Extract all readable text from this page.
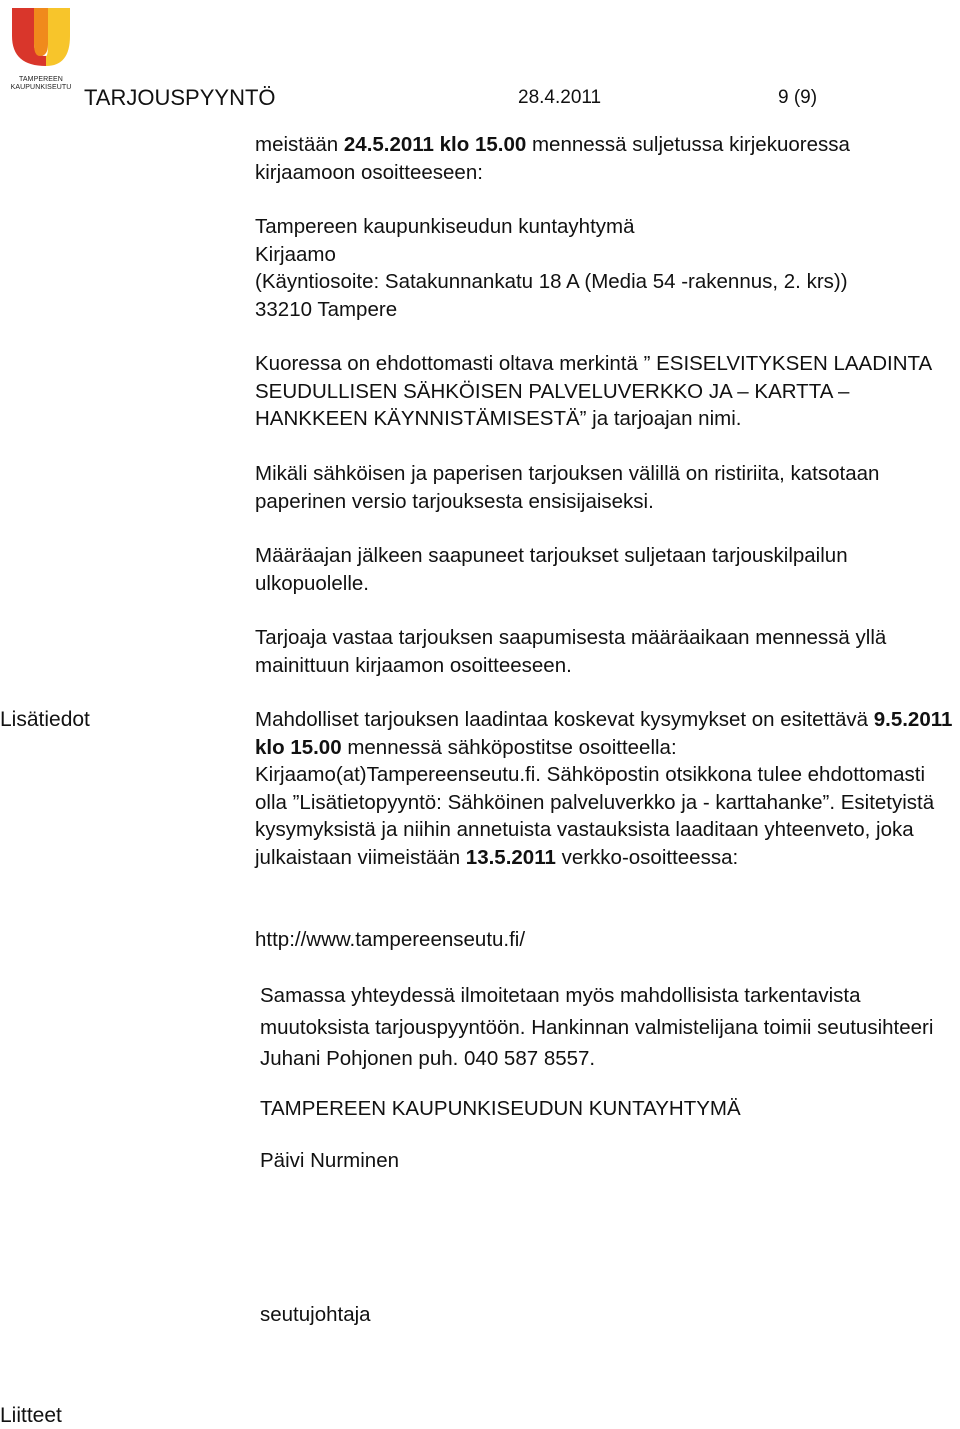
TAMPEREEN
KAUPUNKISEUTU TARJOUSPYYNTÖ	28.4.2011	9 (9)

meistään 24.5.2011 klo 15.00 mennessä suljetussa kirjekuoressa kirjaamoon osoitteeseen:

Tampereen kaupunkiseudun kuntayhtymä
Kirjaamo
(Käyntiosoite: Satakunnankatu 18 A (Media 54 -rakennus, 2. krs))
33210 Tampere
Kuoressa on ehdottomasti oltava merkintä ” ESISELVITYKSEN LAADINTA SEUDULLISEN SÄHKÖISEN PALVELUVERKKO JA – KARTTA – HANKKEEN KÄYNNISTÄMISESTÄ” ja tarjoajan nimi.
Mikäli sähköisen ja paperisen tarjouksen välillä on ristiriita, katsotaan paperinen versio tarjouksesta ensisijaiseksi.
Määräajan jälkeen saapuneet tarjoukset suljetaan tarjouskilpailun ulkopuolelle.
Tarjoaja vastaa tarjouksen saapumisesta määräaikaan mennessä yllä mainittuun kirjaamon osoitteeseen.
Lisätiedot	Mahdolliset tarjouksen laadintaa koskevat kysymykset on esitettävä 9.5.2011 klo 15.00 mennessä sähköpostitse osoitteella: Kirjaamo(at)Tampereenseutu.fi. Sähköpostin otsikkona tulee ehdottomasti olla ”Lisätietopyyntö: Sähköinen palveluverkko ja - karttahanke”. Esitetyistä kysymyksistä ja niihin annetuista vastauksista laaditaan yhteenveto, joka julkaistaan viimeistään 13.5.2011 verkko-osoitteessa:
http://www.tampereenseutu.fi/
Samassa yhteydessä ilmoitetaan myös mahdollisista tarkentavista muutoksista tarjouspyyntöön. Hankinnan valmistelijana toimii seutusihteeri Juhani Pohjonen puh. 040 587 8557.
TAMPEREEN KAUPUNKISEUDUN KUNTAYHTYMÄ
Päivi Nurminen
seutujohtaja
Liitteet
